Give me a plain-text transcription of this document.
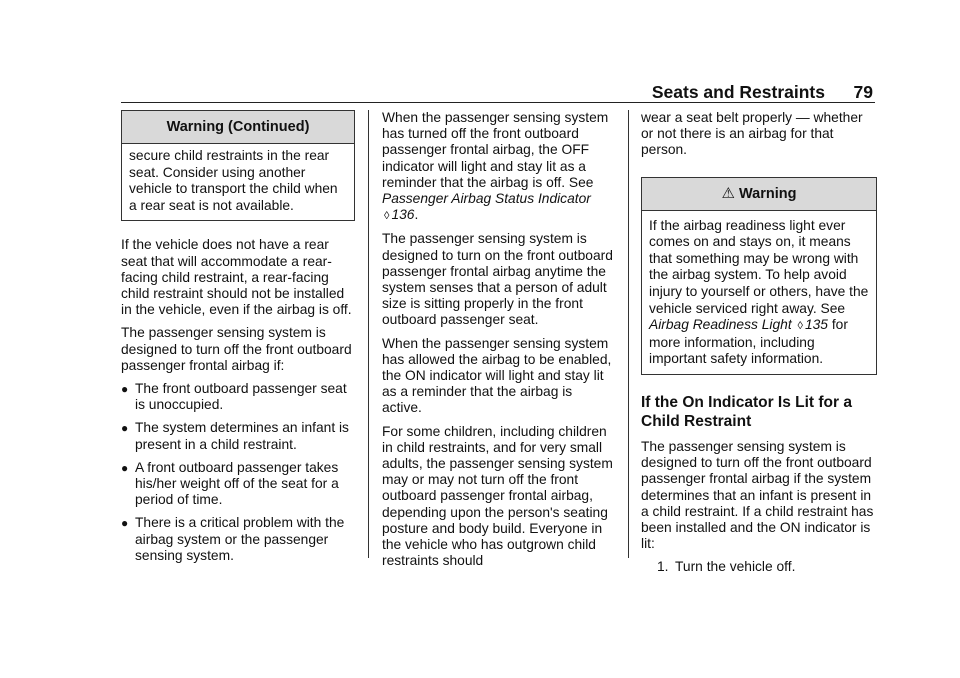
Seats and Restraints 79
Warning (Continued)

secure child restraints in the rear seat. Consider using another vehicle to transport the child when a rear seat is not available.

If the vehicle does not have a rear seat that will accommodate a rear-facing child restraint, a rear-facing child restraint should not be installed in the vehicle, even if the airbag is off.

The passenger sensing system is designed to turn off the front outboard passenger frontal airbag if:

● The front outboard passenger seat is unoccupied.
● The system determines an infant is present in a child restraint.
● A front outboard passenger takes his/her weight off of the seat for a period of time.
● There is a critical problem with the airbag system or the passenger sensing system.

When the passenger sensing system has turned off the front outboard passenger frontal airbag, the OFF indicator will light and stay lit as a reminder that the airbag is off. See Passenger Airbag Status Indicator ◊ 136.

The passenger sensing system is designed to turn on the front outboard passenger frontal airbag anytime the system senses that a person of adult size is sitting properly in the front outboard passenger seat.

When the passenger sensing system has allowed the airbag to be enabled, the ON indicator will light and stay lit as a reminder that the airbag is active.

For some children, including children in child restraints, and for very small adults, the passenger sensing system may or may not turn off the front outboard passenger frontal airbag, depending upon the person's seating posture and body build. Everyone in the vehicle who has outgrown child restraints should

wear a seat belt properly — whether or not there is an airbag for that person.

⚠ Warning

If the airbag readiness light ever comes on and stays on, it means that something may be wrong with the airbag system. To help avoid injury to yourself or others, have the vehicle serviced right away. See Airbag Readiness Light ◊ 135 for more information, including important safety information.

If the On Indicator Is Lit for a Child Restraint

The passenger sensing system is designed to turn off the front outboard passenger frontal airbag if the system determines that an infant is present in a child restraint. If a child restraint has been installed and the ON indicator is lit:

1. Turn the vehicle off.
